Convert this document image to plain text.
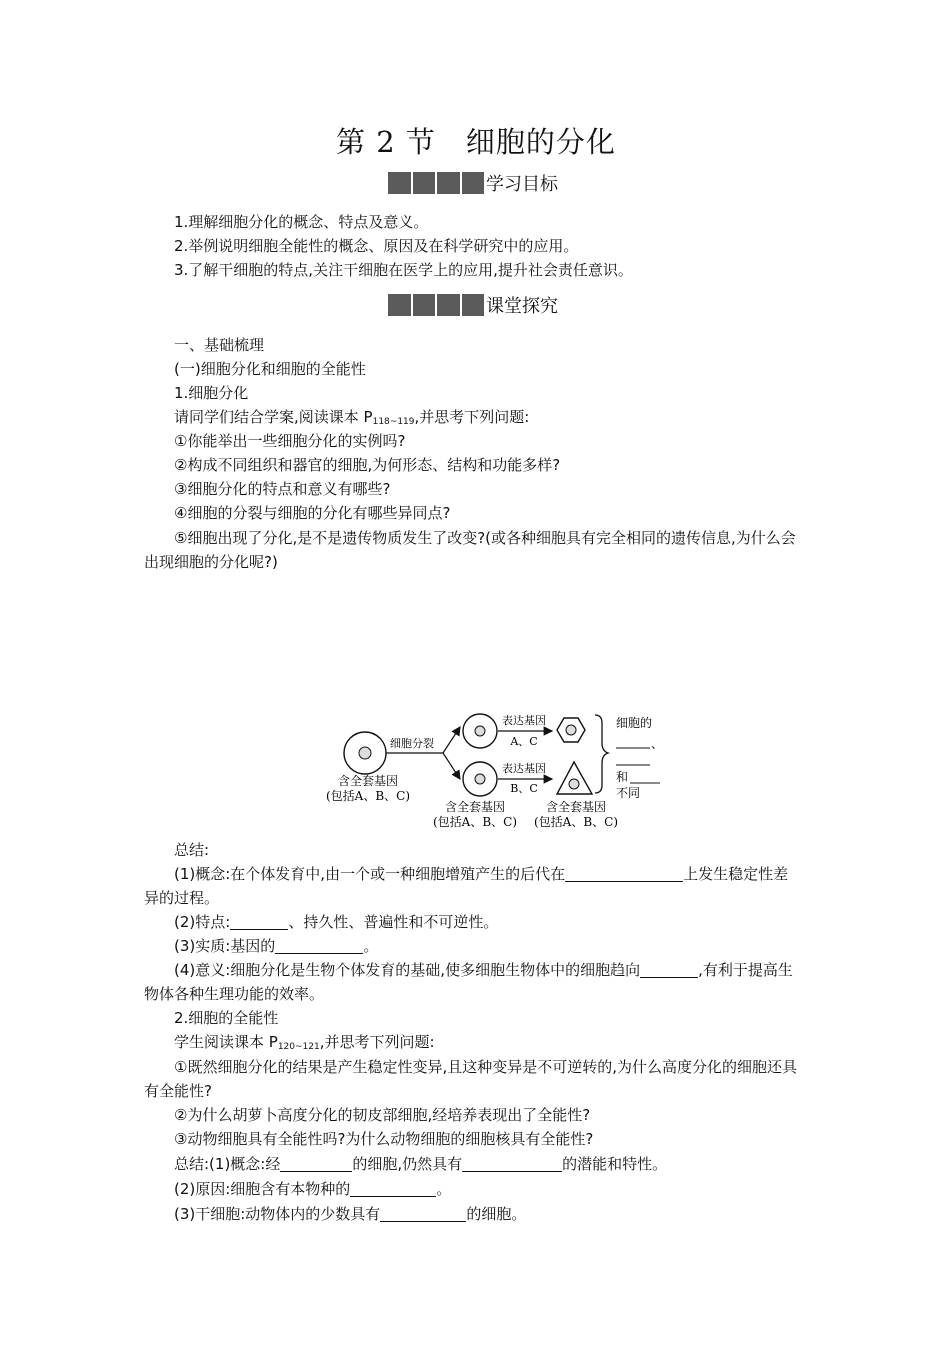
第 2 节　细胞的分化
学习目标
1.理解细胞分化的概念、特点及意义。
2.举例说明细胞全能性的概念、原因及在科学研究中的应用。
3.了解干细胞的特点,关注干细胞在医学上的应用,提升社会责任意识。
课堂探究
一、基础梳理
(一)细胞分化和细胞的全能性
1.细胞分化
请同学们结合学案,阅读课本 $P_{118\sim 119}$,并思考下列问题:
①你能举出一些细胞分化的实例吗?
②构成不同组织和器官的细胞,为何形态、结构和功能多样?
③细胞分化的特点和意义有哪些?
④细胞的分裂与细胞的分化有哪些异同点?
⑤细胞出现了分化,是不是遗传物质发生了改变?(或各种细胞具有完全相同的遗传信息,为什么会
出现细胞的分化呢?)
含全套基因
(包括A、B、C)
细胞分裂
表达基因
A、C
表达基因
B、C
含全套基因
(包括A、B、C)
含全套基因
(包括A、B、C)
细胞的
、
和
不同
总结:
(1)概念:在个体发育中,由一个或一种细胞增殖产生的后代在	上发生稳定性差
异的过程。
(2)特点:	、持久性、普遍性和不可逆性。
(3)实质:基因的	。
(4)意义:细胞分化是生物个体发育的基础,使多细胞生物体中的细胞趋向	,有利于提高生
物体各种生理功能的效率。
2.细胞的全能性
学生阅读课本 $P_{120\sim 121}$,并思考下列问题:
①既然细胞分化的结果是产生稳定性变异,且这种变异是不可逆转的,为什么高度分化的细胞还具
有全能性?
②为什么胡萝卜高度分化的韧皮部细胞,经培养表现出了全能性?
③动物细胞具有全能性吗?为什么动物细胞的细胞核具有全能性?
总结:(1)概念:经	的细胞,仍然具有	的潜能和特性。
(2)原因:细胞含有本物种的	。
(3)干细胞:动物体内的少数具有	的细胞。
